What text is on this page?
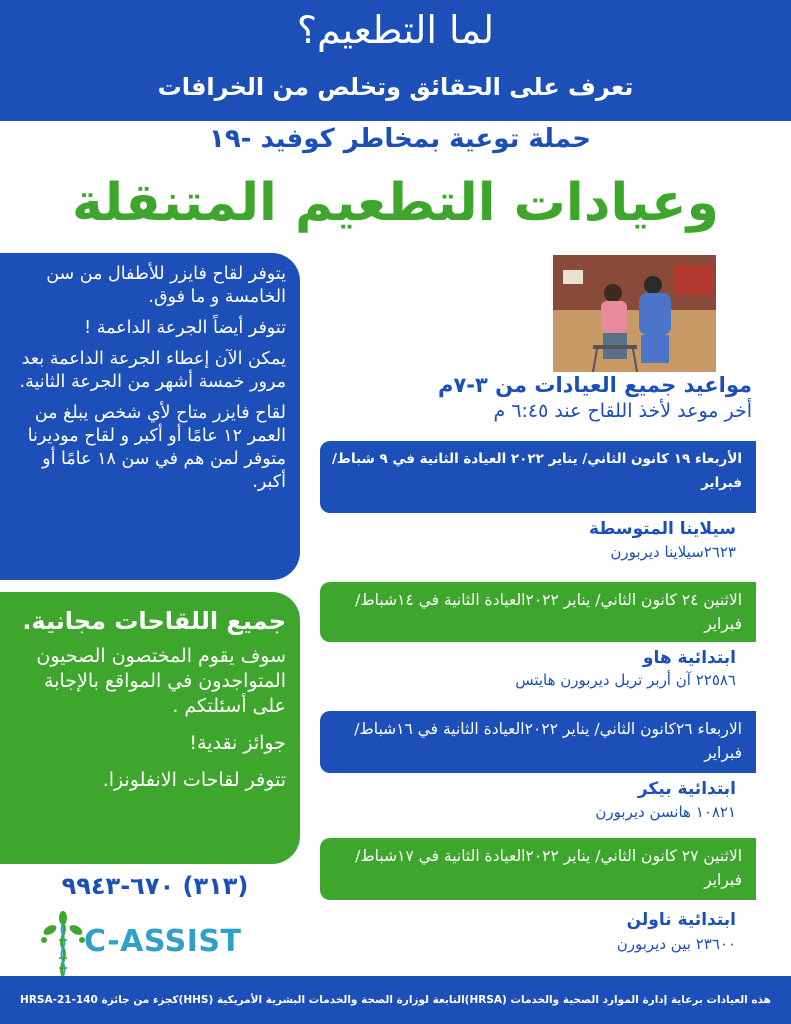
لما التطعيم؟
تعرف على الحقائق وتخلص من الخرافات
حملة توعية بمخاطر كوفيد -١٩
وعيادات التطعيم المتنقلة

يتوفر لقاح فايزر للأطفال من سن الخامسة و ما فوق.

تتوفر أيضاً الجرعة الداعمة !

يمكن الآن إعطاء الجرعة الداعمة بعد مرور خمسة أشهر من الجرعة الثانية.

لقاح فايزر متاح لأي شخص يبلغ من العمر ١٢ عامًا أو أكبر و لقاح موديرنا متوفر لمن هم في سن ١٨ عامًا أو أكبر.

جميع اللقاحات مجانية.

سوف يقوم المختصون الصحيون المتواجدون في المواقع بالإجابة على أسئلتكم .

جوائز نقدية!

تتوفر لقاحات الانفلونزا.

(٣١٣) ٦٧٠-٩٩٤٣
C-ASSIST
مواعيد جميع العيادات من ٣-٧م
أخر موعد لأخذ اللقاح عند ٦:٤٥ م
الأربعاء ١٩ كانون الثاني/ يناير ٢٠٢٢ العيادة الثانية في ٩ شباط/ فبراير
سيلاينا المتوسطة
٢٦٢٣سيلاينا ديربورن
الاثنين ٢٤ كانون الثاني/ يناير ٢٠٢٢العيادة الثانية في ١٤شباط/ فبراير
ابتدائية هاو
٢٢٥٨٦ آن أربر تريل ديربورن هايتس
الاربعاء ٢٦كانون الثاني/ يناير ٢٠٢٢العيادة الثانية في ١٦شباط/ فبراير
ابتدائية بيكر
١٠٨٢١ هانسن ديربورن
الاثنين ٢٧ كانون الثاني/ يناير ٢٠٢٢العيادة الثانية في ١٧شباط/ فبراير
ابتدائية ناولن
٢٣٦٠٠ بين ديربورن
هذه العيادات برعاية إدارة الموارد الصحية والخدمات (HRSA)التابعة لوزارة الصحة والخدمات البشرية الأمريكية (HHS)كجزء من جائزة HRSA-21-140
